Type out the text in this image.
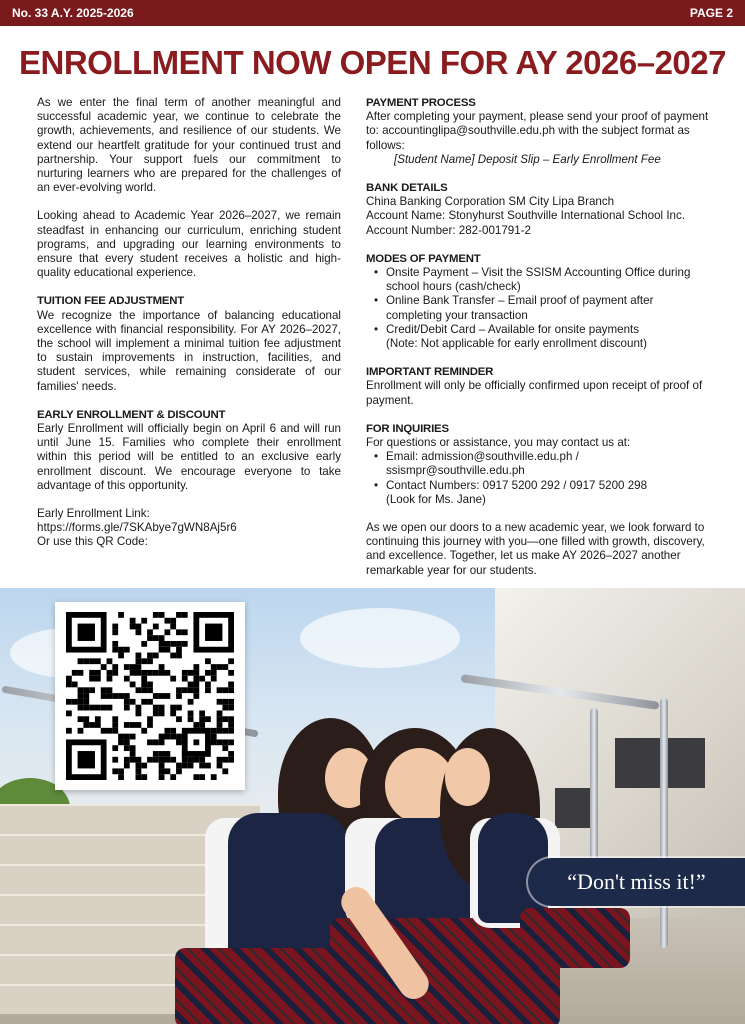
No. 33 A.Y. 2025-2026	PAGE 2
ENROLLMENT NOW OPEN FOR AY 2026–2027

As we enter the final term of another meaningful and successful academic year, we continue to celebrate the growth, achievements, and resilience of our students. We extend our heartfelt gratitude for your continued trust and partnership. Your support fuels our commitment to nurturing learners who are prepared for the challenges of an ever-evolving world.

Looking ahead to Academic Year 2026–2027, we remain steadfast in enhancing our curriculum, enriching student programs, and upgrading our learning environments to ensure that every student receives a holistic and high-quality educational experience.

TUITION FEE ADJUSTMENT
We recognize the importance of balancing educational excellence with financial responsibility. For AY 2026–2027, the school will implement a minimal tuition fee adjustment to sustain improvements in instruction, facilities, and student services, while remaining considerate of our families' needs.
EARLY ENROLLMENT & DISCOUNT
Early Enrollment will officially begin on April 6 and will run until June 15. Families who complete their enrollment within this period will be entitled to an exclusive early enrollment discount. We encourage everyone to take advantage of this opportunity.
Early Enrollment Link:
https://forms.gle/7SKAbye7gWN8Aj5r6
Or use this QR Code:
PAYMENT PROCESS
After completing your payment, please send your proof of payment to: accountinglipa@southville.edu.ph with the subject format as follows:
[Student Name] Deposit Slip – Early Enrollment Fee
BANK DETAILS
China Banking Corporation SM City Lipa Branch
Account Name: Stonyhurst Southville International School Inc.
Account Number: 282-001791-2
MODES OF PAYMENT
• Onsite Payment – Visit the SSISM Accounting Office during school hours (cash/check)
• Online Bank Transfer – Email proof of payment after completing your transaction
• Credit/Debit Card – Available for onsite payments
(Note: Not applicable for early enrollment discount)
IMPORTANT REMINDER
Enrollment will only be officially confirmed upon receipt of proof of payment.
FOR INQUIRIES
For questions or assistance, you may contact us at:
• Email: admission@southville.edu.ph / ssismpr@southville.edu.ph
• Contact Numbers: 0917 5200 292 / 0917 5200 298
(Look for Ms. Jane)
As we open our doors to a new academic year, we look forward to continuing this journey with you—one filled with growth, discovery, and excellence. Together, let us make AY 2026–2027 another remarkable year for our students.
“Don't miss it!”
